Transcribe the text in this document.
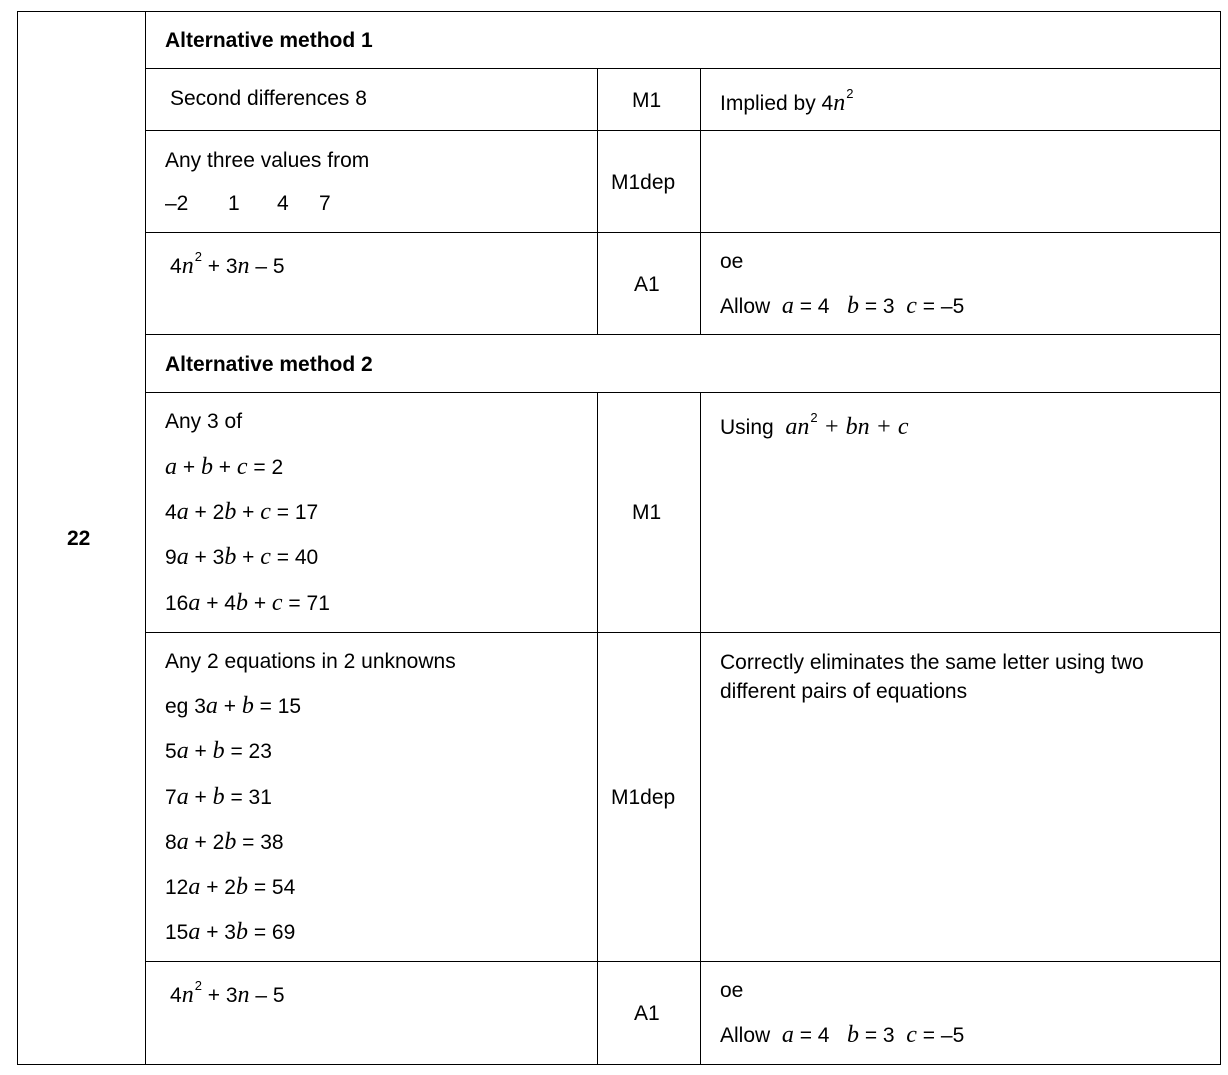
22
Alternative method 1
Second differences 8	M1	Implied by $4n^2$
Any three values from
–2 1 4 7
M1dep
$4n^2 + 3n - 5$
A1
oe
Allow a = 4 b = 3 c = –5
Alternative method 2
Any 3 of
a + b + c = 2
4a + 2b + c = 17
9a + 3b + c = 40
16a + 4b + c = 71
M1
Using $an^2$ + bn + c
Any 2 equations in 2 unknowns
eg 3a + b = 15
5a + b = 23
7a + b = 31
8a + 2b = 38
12a + 2b = 54
15a + 3b = 69
M1dep
Correctly eliminates the same letter using two different pairs of equations
$4n^2 + 3n - 5$
A1
oe
Allow a = 4 b = 3 c = –5
